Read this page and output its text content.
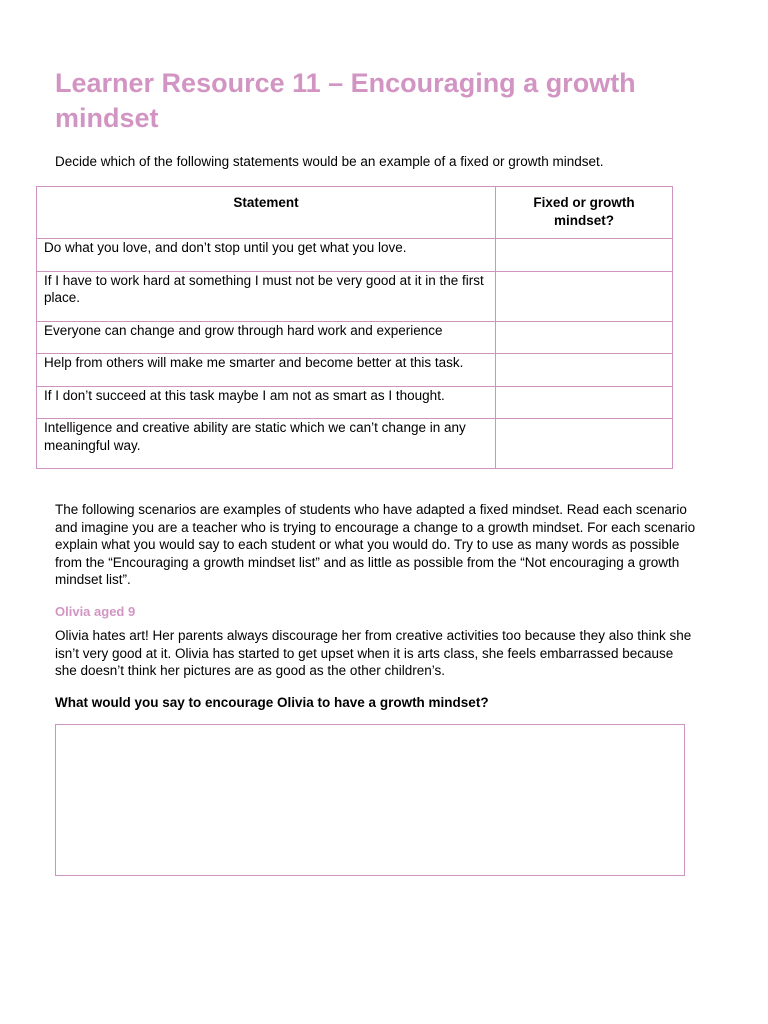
Learner Resource 11 – Encouraging a growth mindset
Decide which of the following statements would be an example of a fixed or growth mindset.
Statement	Fixed or growth mindset?
Do what you love, and don’t stop until you get what you love.	
If I have to work hard at something I must not be very good at it in the first place.	
Everyone can change and grow through hard work and experience	
Help from others will make me smarter and become better at this task.	
If I don’t succeed at this task maybe I am not as smart as I thought.	
Intelligence and creative ability are static which we can’t change in any meaningful way.	
The following scenarios are examples of students who have adapted a fixed mindset. Read each scenario and imagine you are a teacher who is trying to encourage a change to a growth mindset. For each scenario explain what you would say to each student or what you would do. Try to use as many words as possible from the “Encouraging a growth mindset list” and as little as possible from the “Not encouraging a growth mindset list”.
Olivia aged 9
Olivia hates art! Her parents always discourage her from creative activities too because they also think she isn’t very good at it. Olivia has started to get upset when it is arts class, she feels embarrassed because she doesn’t think her pictures are as good as the other children’s.
What would you say to encourage Olivia to have a growth mindset?
